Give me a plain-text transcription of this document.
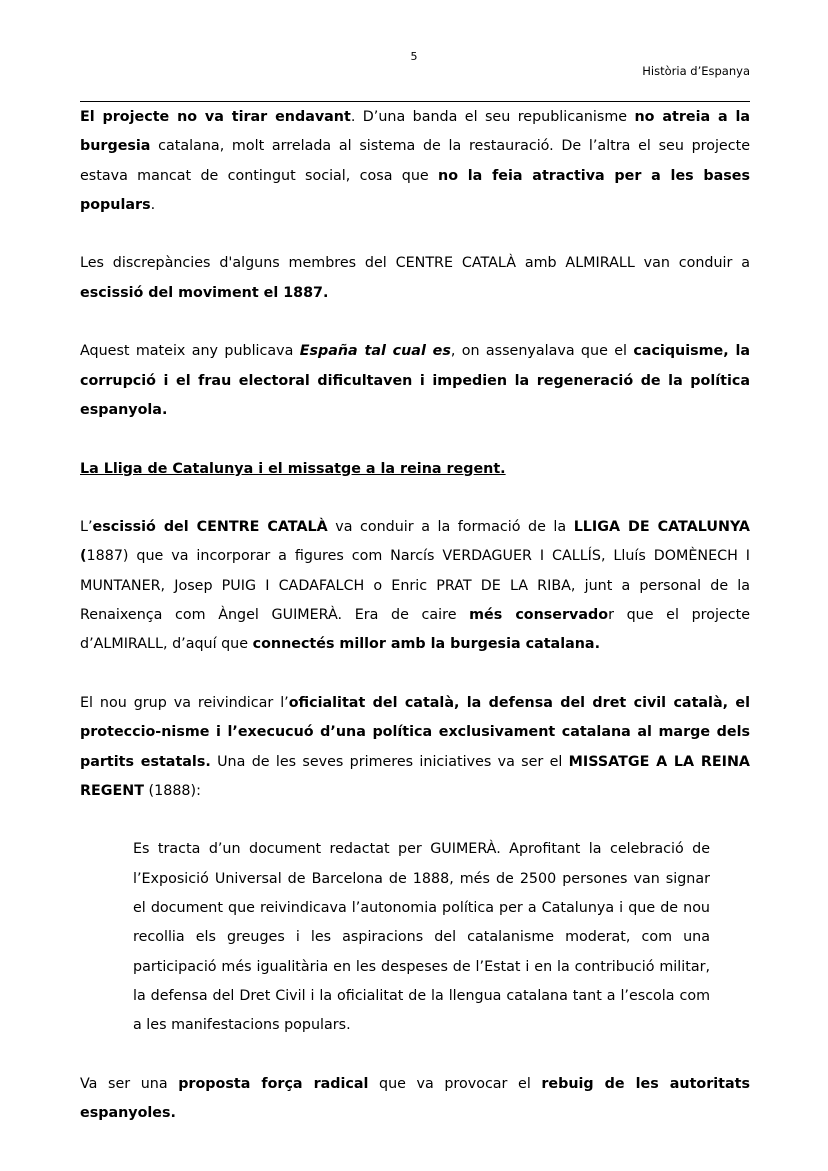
5
Història d’Espanya

El projecte no va tirar endavant. D’una banda el seu republicanisme no atreia a la burgesia catalana, molt arrelada al sistema de la restauració. De l’altra el seu projecte estava mancat de contingut social, cosa que no la feia atractiva per a les bases populars.

Les discrepàncies d'alguns membres del CENTRE CATALÀ amb ALMIRALL van conduir a escissió del moviment el 1887.

Aquest mateix any publicava España tal cual es, on assenyalava que el caciquisme, la corrupció i el frau electoral dificultaven i impedien la regeneració de la política espanyola.

La Lliga de Catalunya i el missatge a la reina regent.

L’escissió del CENTRE CATALÀ va conduir a la formació de la LLIGA DE CATALUNYA (1887) que va incorporar a figures com Narcís VERDAGUER I CALLÍS, Lluís DOMÈNECH I MUNTANER, Josep PUIG I CADAFALCH o Enric PRAT DE LA RIBA, junt a personal de la Renaixença com Àngel GUIMERÀ. Era de caire més conservador que el projecte d’ALMIRALL, d’aquí que connectés millor amb la burgesia catalana.

El nou grup va reivindicar l’oficialitat del català, la defensa del dret civil català, el proteccio-nisme i l’execucuó d’una política exclusivament catalana al marge dels partits estatals. Una de les seves primeres iniciatives va ser el MISSATGE A LA REINA REGENT (1888):

Es tracta d’un document redactat per GUIMERÀ. Aprofitant la celebració de l’Exposició Universal de Barcelona de 1888, més de 2500 persones van signar el document que reivindicava l’autonomia política per a Catalunya i que de nou recollia els greuges i les aspiracions del catalanisme moderat, com una participació més igualitària en les despeses de l’Estat i en la contribució militar, la defensa del Dret Civil i la oficialitat de la llengua catalana tant a l’escola com a les manifestacions populars.

Va ser una proposta força radical que va provocar el rebuig de les autoritats espanyoles.
